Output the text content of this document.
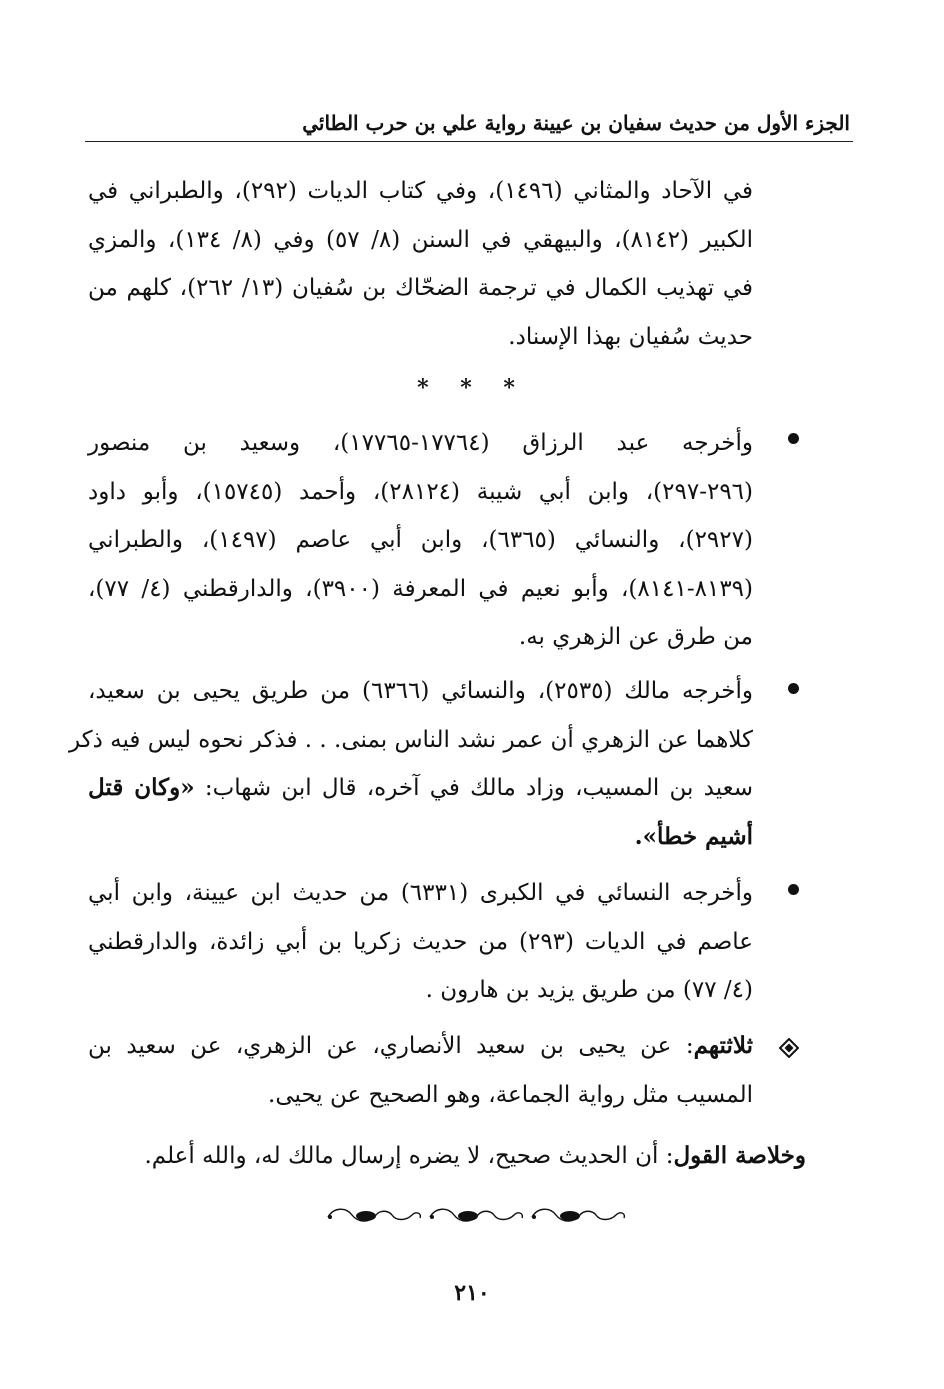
الجزء الأول من حديث سفيان بن عيينة رواية علي بن حرب الطائي
في الآحاد والمثاني (١٤٩٦)، وفي كتاب الديات (٢٩٢)، والطبراني في
الكبير (٨١٤٢)، والبيهقي في السنن (٨/ ٥٧) وفي (٨/ ١٣٤)، والمزي
في تهذيب الكمال في ترجمة الضحّاك بن سُفيان (١٣/ ٢٦٢)، كلهم من
حديث سُفيان بهذا الإسناد.
* * *
وأخرجه عبد الرزاق (١٧٧٦٤-١٧٧٦٥)، وسعيد بن منصور
(٢٩٦-٢٩٧)، وابن أبي شيبة (٢٨١٢٤)، وأحمد (١٥٧٤٥)، وأبو داود
(٢٩٢٧)، والنسائي (٦٣٦٥)، وابن أبي عاصم (١٤٩٧)، والطبراني
(٨١٣٩-٨١٤١)، وأبو نعيم في المعرفة (٣٩٠٠)، والدارقطني (٤/ ٧٧)،
من طرق عن الزهري به.
وأخرجه مالك (٢٥٣٥)، والنسائي (٦٣٦٦) من طريق يحيى بن سعيد،
كلاهما عن الزهري أن عمر نشد الناس بمنى. . . فذكر نحوه ليس فيه ذكر
سعيد بن المسيب، وزاد مالك في آخره، قال ابن شهاب: «وكان قتل
أشيم خطأ».
وأخرجه النسائي في الكبرى (٦٣٣١) من حديث ابن عيينة، وابن أبي
عاصم في الديات (٢٩٣) من حديث زكريا بن أبي زائدة، والدارقطني
(٤/ ٧٧) من طريق يزيد بن هارون .
ثلاثتهم: عن يحيى بن سعيد الأنصاري، عن الزهري، عن سعيد بن
المسيب مثل رواية الجماعة، وهو الصحيح عن يحيى.
وخلاصة القول: أن الحديث صحيح، لا يضره إرسال مالك له، والله أعلم.
٢١٠
